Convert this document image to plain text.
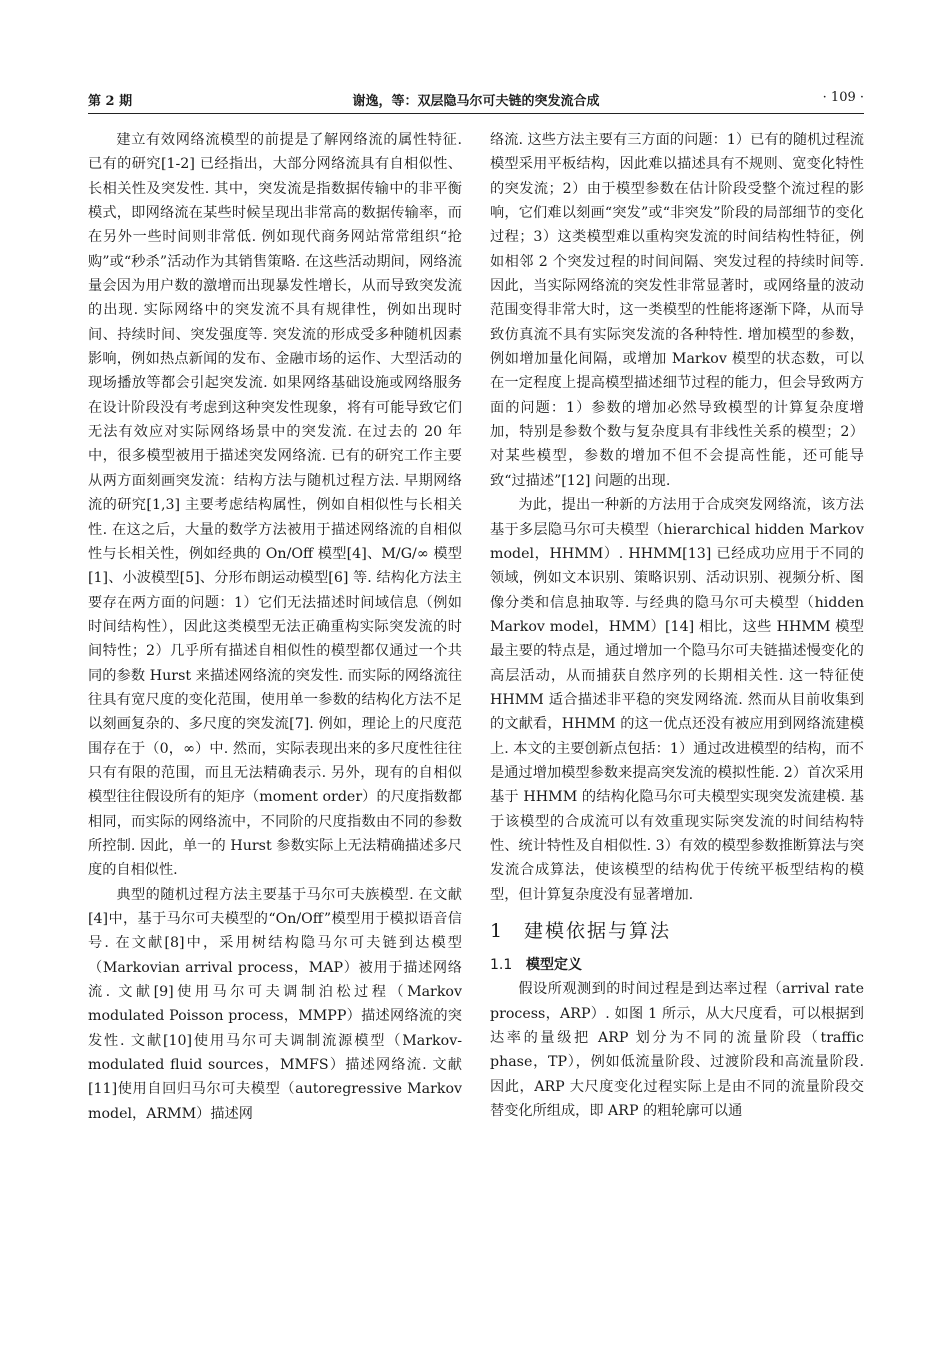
第 2 期	谢逸，等：双层隐马尔可夫链的突发流合成	· 109 ·

建立有效网络流模型的前提是了解网络流的属性特征. 已有的研究[1-2] 已经指出，大部分网络流具有自相似性、长相关性及突发性. 其中，突发流是指数据传输中的非平衡模式，即网络流在某些时候呈现出非常高的数据传输率，而在另外一些时间则非常低. 例如现代商务网站常常组织“抢购”或“秒杀”活动作为其销售策略. 在这些活动期间，网络流量会因为用户数的激增而出现暴发性增长，从而导致突发流的出现. 实际网络中的突发流不具有规律性，例如出现时间、持续时间、突发强度等. 突发流的形成受多种随机因素影响，例如热点新闻的发布、金融市场的运作、大型活动的现场播放等都会引起突发流. 如果网络基础设施或网络服务在设计阶段没有考虑到这种突发性现象，将有可能导致它们无法有效应对实际网络场景中的突发流. 在过去的 20 年中，很多模型被用于描述突发网络流. 已有的研究工作主要从两方面刻画突发流：结构方法与随机过程方法. 早期网络流的研究[1,3] 主要考虑结构属性，例如自相似性与长相关性. 在这之后，大量的数学方法被用于描述网络流的自相似性与长相关性，例如经典的 On/Off 模型[4]、M/G/∞ 模型[1]、小波模型[5]、分形布朗运动模型[6] 等. 结构化方法主要存在两方面的问题：1）它们无法描述时间域信息（例如时间结构性），因此这类模型无法正确重构实际突发流的时间特性；2）几乎所有描述自相似性的模型都仅通过一个共同的参数 Hurst 来描述网络流的突发性. 而实际的网络流往往具有宽尺度的变化范围，使用单一参数的结构化方法不足以刻画复杂的、多尺度的突发流[7]. 例如，理论上的尺度范围存在于（0，∞）中. 然而，实际表现出来的多尺度性往往只有有限的范围，而且无法精确表示. 另外，现有的自相似模型往往假设所有的矩序（moment order）的尺度指数都相同，而实际的网络流中，不同阶的尺度指数由不同的参数所控制. 因此，单一的 Hurst 参数实际上无法精确描述多尺度的自相似性.

典型的随机过程方法主要基于马尔可夫族模型. 在文献[4]中，基于马尔可夫模型的“On/Off”模型用于模拟语音信号. 在文献[8]中，采用树结构隐马尔可夫链到达模型（Markovian arrival process，MAP）被用于描述网络流. 文献[9]使用马尔可夫调制泊松过程（Markov modulated Poisson process，MMPP）描述网络流的突发性. 文献[10]使用马尔可夫调制流源模型（Markov-modulated fluid sources，MMFS）描述网络流. 文献[11]使用自回归马尔可夫模型（autoregressive Markov model，ARMM）描述网

络流. 这些方法主要有三方面的问题：1）已有的随机过程流模型采用平板结构，因此难以描述具有不规则、宽变化特性的突发流；2）由于模型参数在估计阶段受整个流过程的影响，它们难以刻画“突发”或“非突发”阶段的局部细节的变化过程；3）这类模型难以重构突发流的时间结构性特征，例如相邻 2 个突发过程的时间间隔、突发过程的持续时间等. 因此，当实际网络流的突发性非常显著时，或网络量的波动范围变得非常大时，这一类模型的性能将逐渐下降，从而导致仿真流不具有实际突发流的各种特性. 增加模型的参数，例如增加量化间隔，或增加 Markov 模型的状态数，可以在一定程度上提高模型描述细节过程的能力，但会导致两方面的问题：1）参数的增加必然导致模型的计算复杂度增加，特别是参数个数与复杂度具有非线性关系的模型；2）对某些模型，参数的增加不但不会提高性能，还可能导致“过描述”[12] 问题的出现.

为此，提出一种新的方法用于合成突发网络流，该方法基于多层隐马尔可夫模型（hierarchical hidden Markov model，HHMM）. HHMM[13] 已经成功应用于不同的领域，例如文本识别、策略识别、活动识别、视频分析、图像分类和信息抽取等. 与经典的隐马尔可夫模型（hidden Markov model，HMM）[14] 相比，这些 HHMM 模型最主要的特点是，通过增加一个隐马尔可夫链描述慢变化的高层活动，从而捕获自然序列的长期相关性. 这一特征使 HHMM 适合描述非平稳的突发网络流. 然而从目前收集到的文献看，HHMM 的这一优点还没有被应用到网络流建模上. 本文的主要创新点包括：1）通过改进模型的结构，而不是通过增加模型参数来提高突发流的模拟性能. 2）首次采用基于 HHMM 的结构化隐马尔可夫模型实现突发流建模. 基于该模型的合成流可以有效重现实际突发流的时间结构特性、统计特性及自相似性. 3）有效的模型参数推断算法与突发流合成算法，使该模型的结构优于传统平板型结构的模型，但计算复杂度没有显著增加.

1 建模依据与算法
1.1 模型定义

假设所观测到的时间过程是到达率过程（arrival rate process，ARP）. 如图 1 所示，从大尺度看，可以根据到达率的量级把 ARP 划分为不同的流量阶段（traffic phase，TP），例如低流量阶段、过渡阶段和高流量阶段. 因此，ARP 大尺度变化过程实际上是由不同的流量阶段交替变化所组成，即 ARP 的粗轮廓可以通
